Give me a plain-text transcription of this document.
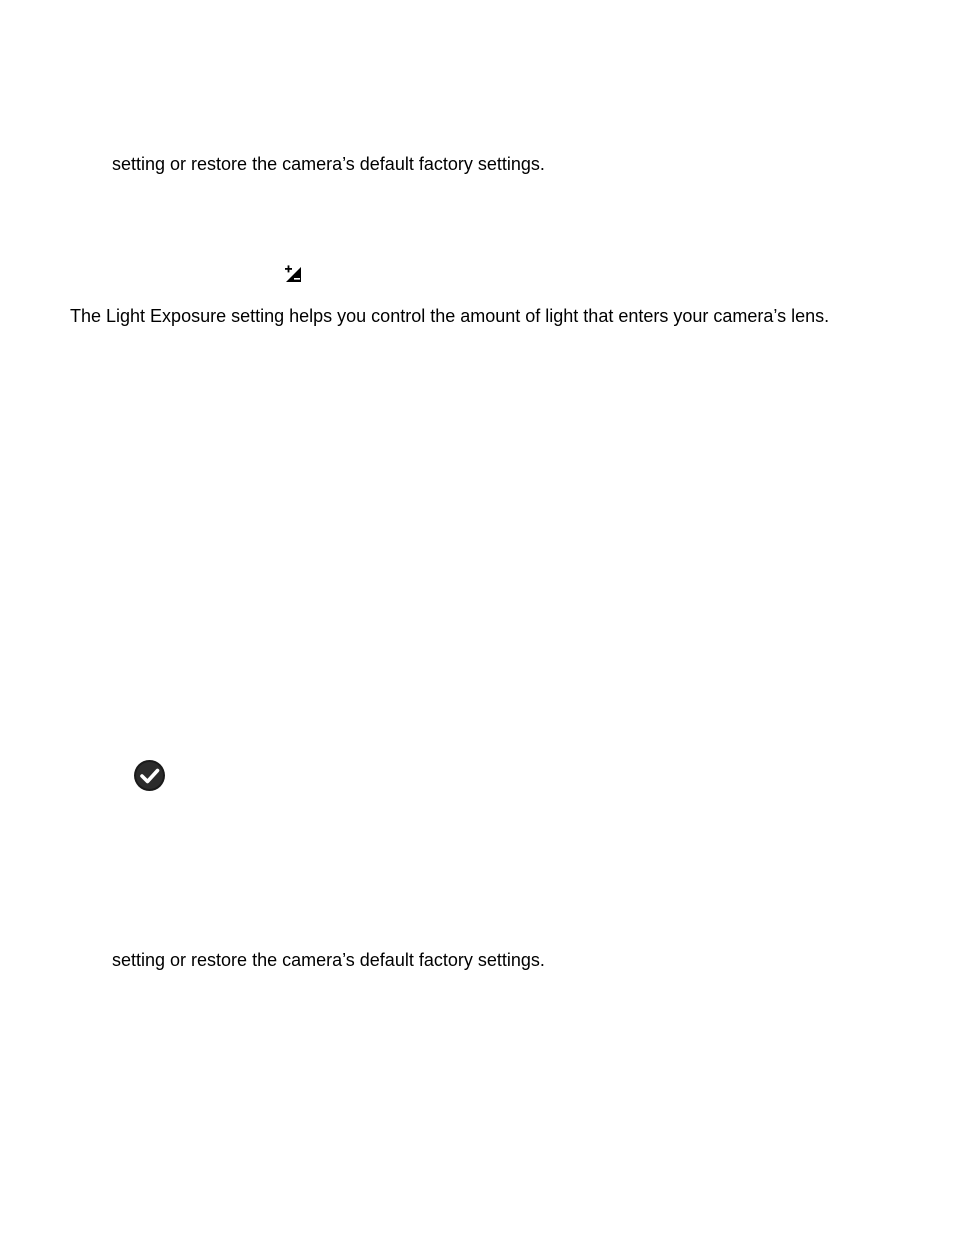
setting or restore the camera’s default factory settings.
The Light Exposure setting helps you control the amount of light that enters your camera’s lens.
setting or restore the camera’s default factory settings.
